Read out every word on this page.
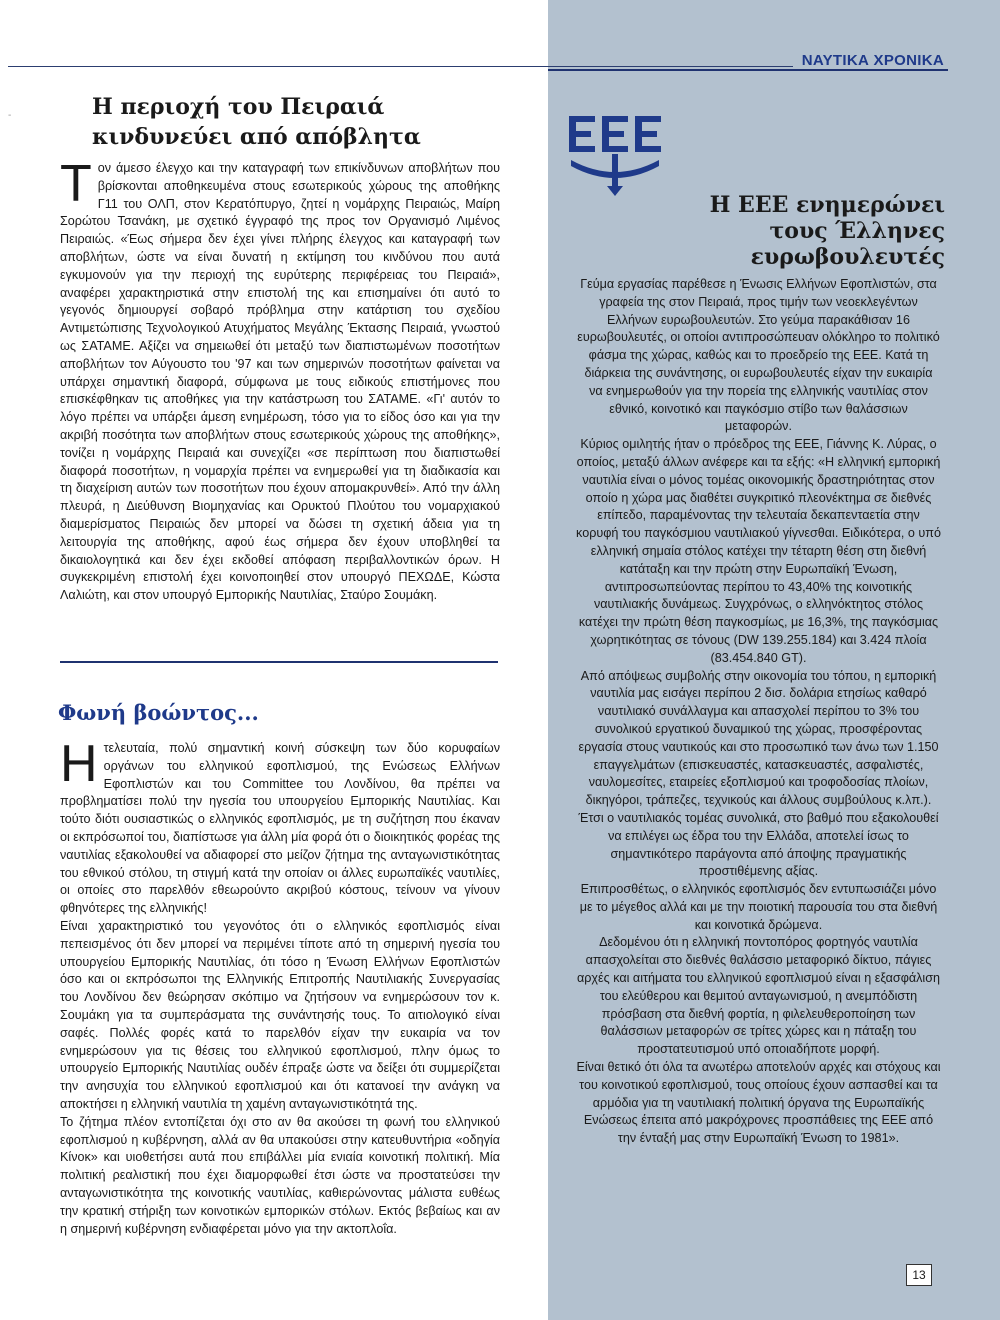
ΝΑΥΤΙΚΑ ΧΡΟΝΙΚΑ
-	Η περιοχή του Πειραιά κινδυνεύει από απόβλητα
Τ ον άμεσο έλεγχο και την καταγραφή των επικίνδυνων αποβλήτων που βρίσκονται αποθηκευμένα στους εσωτερικούς χώρους της αποθήκης Γ11 του ΟΛΠ, στον Κερατόπυργο, ζητεί η νομάρχης Πειραιώς, Μαίρη Σορώτου Τσανάκη, με σχετικό έγγραφό της προς τον Οργανισμό Λιμένος Πειραιώς. «Έως σήμερα δεν έχει γίνει πλήρης έλεγχος και καταγραφή των αποβλήτων, ώστε να είναι δυνατή η εκτίμηση του κινδύνου που αυτά εγκυμονούν για την περιοχή της ευρύτερης περιφέρειας του Πειραιά», αναφέρει χαρακτηριστικά στην επιστολή της και επισημαίνει ότι αυτό το γεγονός δημιουργεί σοβαρό πρόβλημα στην κατάρτιση του σχεδίου Αντιμετώπισης Τεχνολογικού Ατυχήματος Μεγάλης Έκτασης Πειραιά, γνωστού ως ΣΑΤΑΜΕ. Αξίζει να σημειωθεί ότι μεταξύ των διαπιστωμένων ποσοτήτων αποβλήτων τον Αύγουστο του '97 και των σημερινών ποσοτήτων φαίνεται να υπάρχει σημαντική διαφορά, σύμφωνα με τους ειδικούς επιστήμονες που επισκέφθηκαν τις αποθήκες για την κατάστρωση του ΣΑΤΑΜΕ. «Γι' αυτόν το λόγο πρέπει να υπάρξει άμεση ενημέρωση, τόσο για το είδος όσο και για την ακριβή ποσότητα των αποβλήτων στους εσωτερικούς χώρους της αποθήκης», τονίζει η νομάρχης Πειραιά και συνεχίζει «σε περίπτωση που διαπιστωθεί διαφορά ποσοτήτων, η νομαρχία πρέπει να ενημερωθεί για τη διαδικασία και τη διαχείριση αυτών των ποσοτήτων που έχουν απομακρυνθεί». Από την άλλη πλευρά, η Διεύθυνση Βιομηχανίας και Ορυκτού Πλούτου του νομαρχιακού διαμερίσματος Πειραιώς δεν μπορεί να δώσει τη σχετική άδεια για τη λειτουργία της αποθήκης, αφού έως σήμερα δεν έχουν υποβληθεί τα δικαιολογητικά και δεν έχει εκδοθεί απόφαση περιβαλλοντικών όρων. Η συγκεκριμένη επιστολή έχει κοινοποιηθεί στον υπουργό ΠΕΧΩΔΕ, Κώστα Λαλιώτη, και στον υπουργό Εμπορικής Ναυτιλίας, Σταύρο Σουμάκη.
Φωνή βοώντος...

Η τελευταία, πολύ σημαντική κοινή σύσκεψη των δύο κορυφαίων οργάνων του ελληνικού εφοπλισμού, της Ενώσεως Ελλήνων Εφοπλιστών και του Committee του Λονδίνου, θα πρέπει να προβληματίσει πολύ την ηγεσία του υπουργείου Εμπορικής Ναυτιλίας. Και τούτο διότι ουσιαστικώς ο ελληνικός εφοπλισμός, με τη συζήτηση που έκαναν οι εκπρόσωποί του, διαπίστωσε για άλλη μία φορά ότι ο διοικητικός φορέας της ναυτιλίας εξακολουθεί να αδιαφορεί στο μείζον ζήτημα της ανταγωνιστικότητας του εθνικού στόλου, τη στιγμή κατά την οποίαν οι άλλες ευρωπαϊκές ναυτιλίες, οι οποίες στο παρελθόν εθεωρούντο ακριβού κόστους, τείνουν να γίνουν φθηνότερες της ελληνικής!

Είναι χαρακτηριστικό του γεγονότος ότι ο ελληνικός εφοπλισμός είναι πεπεισμένος ότι δεν μπορεί να περιμένει τίποτε από τη σημερινή ηγεσία του υπουργείου Εμπορικής Ναυτιλίας, ότι τόσο η Ένωση Ελλήνων Εφοπλιστών όσο και οι εκπρόσωποι της Ελληνικής Επιτροπής Ναυτιλιακής Συνεργασίας του Λονδίνου δεν θεώρησαν σκόπιμο να ζητήσουν να ενημερώσουν τον κ. Σουμάκη για τα συμπεράσματα της συνάντησής τους. Το αιτιολογικό είναι σαφές. Πολλές φορές κατά το παρελθόν είχαν την ευκαιρία να τον ενημερώσουν για τις θέσεις του ελληνικού εφοπλισμού, πλην όμως το υπουργείο Εμπορικής Ναυτιλίας ουδέν έπραξε ώστε να δείξει ότι συμμερίζεται την ανησυχία του ελληνικού εφοπλισμού και ότι κατανοεί την ανάγκη να αποκτήσει η ελληνική ναυτιλία τη χαμένη ανταγωνιστικότητά της.

Το ζήτημα πλέον εντοπίζεται όχι στο αν θα ακούσει τη φωνή του ελληνικού εφοπλισμού η κυβέρνηση, αλλά αν θα υπακούσει στην κατευθυντήρια «οδηγία Κίνοκ» και υιοθετήσει αυτά που επιβάλλει μία ενιαία κοινοτική πολιτική. Μία πολιτική ρεαλιστική που έχει διαμορφωθεί έτσι ώστε να προστατεύσει την ανταγωνιστικότητα της κοινοτικής ναυτιλίας, καθιερώνοντας μάλιστα ευθέως την κρατική στήριξη των κοινοτικών εμπορικών στόλων. Εκτός βεβαίως και αν η σημερινή κυβέρνηση ενδιαφέρεται μόνο για την ακτοπλοΐα.

Η ΕΕΕ ενημερώνει
τους Έλληνες
ευρωβουλευτές

Γεύμα εργασίας παρέθεσε η Ένωσις Ελλήνων Εφοπλιστών, στα γραφεία της στον Πειραιά, προς τιμήν των νεοεκλεγέντων Ελλήνων ευρωβουλευτών. Στο γεύμα παρακάθισαν 16 ευρωβουλευτές, οι οποίοι αντιπροσώπευαν ολόκληρο το πολιτικό φάσμα της χώρας, καθώς και το προεδρείο της ΕΕΕ. Κατά τη διάρκεια της συνάντησης, οι ευρωβουλευτές είχαν την ευκαιρία να ενημερωθούν για την πορεία της ελληνικής ναυτιλίας στον εθνικό, κοινοτικό και παγκόσμιο στίβο των θαλάσσιων μεταφορών.

Κύριος ομιλητής ήταν ο πρόεδρος της ΕΕΕ, Γιάννης Κ. Λύρας, ο οποίος, μεταξύ άλλων ανέφερε και τα εξής: «Η ελληνική εμπορική ναυτιλία είναι ο μόνος τομέας οικονομικής δραστηριότητας στον οποίο η χώρα μας διαθέτει συγκριτικό πλεονέκτημα σε διεθνές επίπεδο, παραμένοντας την τελευταία δεκαπενταετία στην κορυφή του παγκόσμιου ναυτιλιακού γίγνεσθαι. Ειδικότερα, ο υπό ελληνική σημαία στόλος κατέχει την τέταρτη θέση στη διεθνή κατάταξη και την πρώτη στην Ευρωπαϊκή Ένωση, αντιπροσωπεύοντας περίπου το 43,40% της κοινοτικής ναυτιλιακής δυνάμεως. Συγχρόνως, ο ελληνόκτητος στόλος κατέχει την πρώτη θέση παγκοσμίως, με 16,3%, της παγκόσμιας χωρητικότητας σε τόνους (DW 139.255.184) και 3.424 πλοία (83.454.840 GT).

Από απόψεως συμβολής στην οικονομία του τόπου, η εμπορική ναυτιλία μας εισάγει περίπου 2 δισ. δολάρια ετησίως καθαρό ναυτιλιακό συνάλλαγμα και απασχολεί περίπου το 3% του συνολικού εργατικού δυναμικού της χώρας, προσφέροντας εργασία στους ναυτικούς και στο προσωπικό των άνω των 1.150 επαγγελμάτων (επισκευαστές, κατασκευαστές, ασφαλιστές, ναυλομεσίτες, εταιρείες εξοπλισμού και τροφοδοσίας πλοίων, δικηγόροι, τράπεζες, τεχνικούς και άλλους συμβούλους κ.λπ.). Έτσι ο ναυτιλιακός τομέας συνολικά, στο βαθμό που εξακολουθεί να επιλέγει ως έδρα του την Ελλάδα, αποτελεί ίσως το σημαντικότερο παράγοντα από άποψης πραγματικής προστιθέμενης αξίας.

Επιπροσθέτως, ο ελληνικός εφοπλισμός δεν εντυπωσιάζει μόνο με το μέγεθος αλλά και με την ποιοτική παρουσία του στα διεθνή και κοινοτικά δρώμενα.

Δεδομένου ότι η ελληνική ποντοπόρος φορτηγός ναυτιλία απασχολείται στο διεθνές θαλάσσιο μεταφορικό δίκτυο, πάγιες αρχές και αιτήματα του ελληνικού εφοπλισμού είναι η εξασφάλιση του ελεύθερου και θεμιτού ανταγωνισμού, η ανεμπόδιστη πρόσβαση στα διεθνή φορτία, η φιλελευθεροποίηση των θαλάσσιων μεταφορών σε τρίτες χώρες και η πάταξη του προστατευτισμού υπό οποιαδήποτε μορφή.

Είναι θετικό ότι όλα τα ανωτέρω αποτελούν αρχές και στόχους και του κοινοτικού εφοπλισμού, τους οποίους έχουν ασπασθεί και τα αρμόδια για τη ναυτιλιακή πολιτική όργανα της Ευρωπαϊκής Ενώσεως έπειτα από μακρόχρονες προσπάθειες της ΕΕΕ από την ένταξή μας στην Ευρωπαϊκή Ένωση το 1981».

13
